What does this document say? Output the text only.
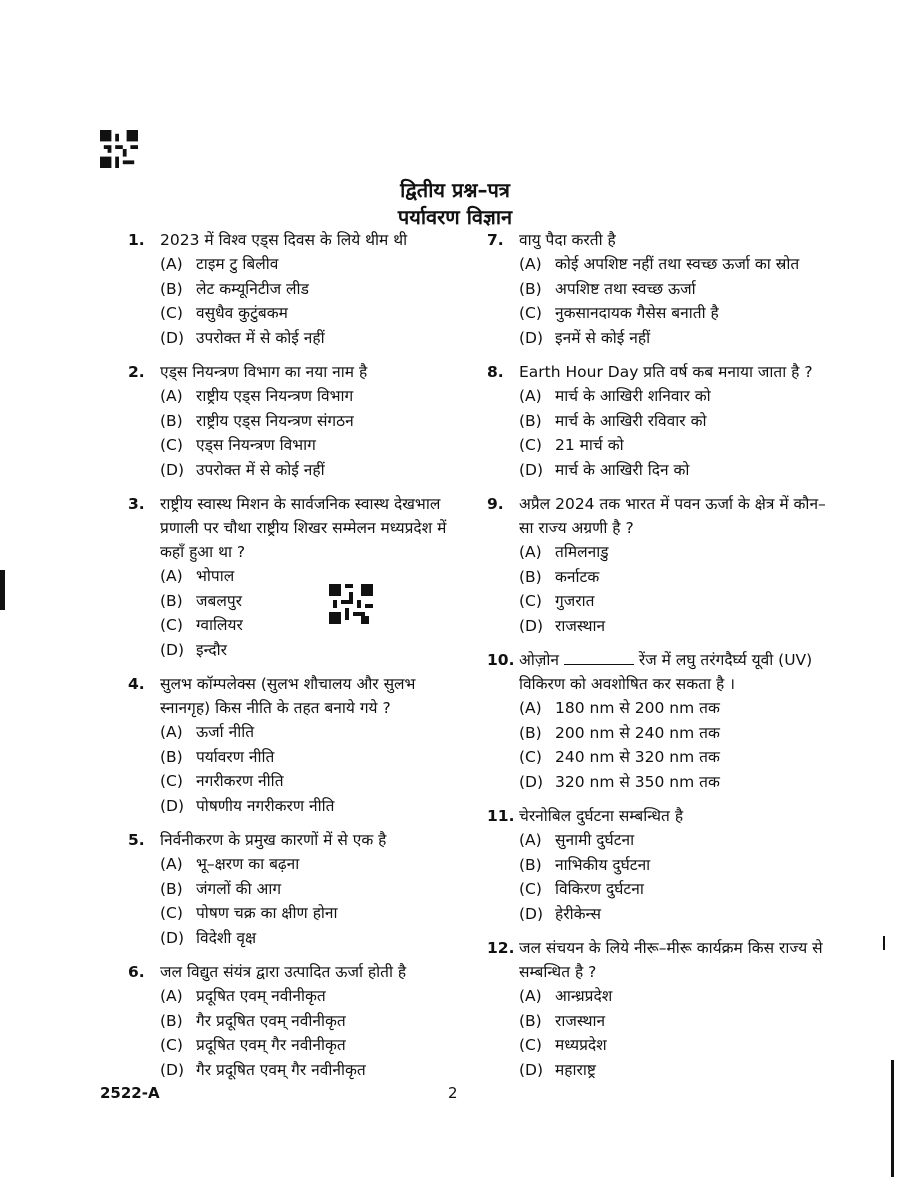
द्वितीय प्रश्न–पत्र
पर्यावरण विज्ञान
1. 2023 में विश्व एड्स दिवस के लिये थीम थी
(A) टाइम टु बिलीव
(B) लेट कम्यूनिटीज लीड
(C) वसुधैव कुटुंबकम
(D) उपरोक्त में से कोई नहीं
2. एड्स नियन्त्रण विभाग का नया नाम है
(A) राष्ट्रीय एड्स नियन्त्रण विभाग
(B) राष्ट्रीय एड्स नियन्त्रण संगठन
(C) एड्स नियन्त्रण विभाग
(D) उपरोक्त में से कोई नहीं
3. राष्ट्रीय स्वास्थ मिशन के सार्वजनिक स्वास्थ देखभाल प्रणाली पर चौथा राष्ट्रीय शिखर सम्मेलन मध्यप्रदेश में कहाँ हुआ था ?
(A) भोपाल
(B) जबलपुर
(C) ग्वालियर
(D) इन्दौर
4. सुलभ कॉम्पलेक्स (सुलभ शौचालय और सुलभ स्नानगृह) किस नीति के तहत बनाये गये ?
(A) ऊर्जा नीति
(B) पर्यावरण नीति
(C) नगरीकरण नीति
(D) पोषणीय नगरीकरण नीति
5. निर्वनीकरण के प्रमुख कारणों में से एक है
(A) भू–क्षरण का बढ़ना
(B) जंगलों की आग
(C) पोषण चक्र का क्षीण होना
(D) विदेशी वृक्ष
6. जल विद्युत संयंत्र द्वारा उत्पादित ऊर्जा होती है
(A) प्रदूषित एवम् नवीनीकृत
(B) गैर प्रदूषित एवम् नवीनीकृत
(C) प्रदूषित एवम् गैर नवीनीकृत
(D) गैर प्रदूषित एवम् गैर नवीनीकृत
7. वायु पैदा करती है
(A) कोई अपशिष्ट नहीं तथा स्वच्छ ऊर्जा का स्रोत
(B) अपशिष्ट तथा स्वच्छ ऊर्जा
(C) नुकसानदायक गैसेस बनाती है
(D) इनमें से कोई नहीं
8. Earth Hour Day प्रति वर्ष कब मनाया जाता है ?
(A) मार्च के आखिरी शनिवार को
(B) मार्च के आखिरी रविवार को
(C) 21 मार्च को
(D) मार्च के आखिरी दिन को
9. अप्रैल 2024 तक भारत में पवन ऊर्जा के क्षेत्र में कौन–सा राज्य अग्रणी है ?
(A) तमिलनाडु
(B) कर्नाटक
(C) गुजरात
(D) राजस्थान
10. ओज़ोन	रेंज में लघु तरंगदैर्घ्य यूवी (UV) विकिरण को अवशोषित कर सकता है ।
(A) 180 nm से 200 nm तक
(B) 200 nm से 240 nm तक
(C) 240 nm से 320 nm तक
(D) 320 nm से 350 nm तक
11. चेरनोबिल दुर्घटना सम्बन्धित है
(A) सुनामी दुर्घटना
(B) नाभिकीय दुर्घटना
(C) विकिरण दुर्घटना
(D) हेरीकेन्स
12. जल संचयन के लिये नीरू–मीरू कार्यक्रम किस राज्य से सम्बन्धित है ?
(A) आन्ध्रप्रदेश
(B) राजस्थान
(C) मध्यप्रदेश
(D) महाराष्ट्र
2522-A	2
